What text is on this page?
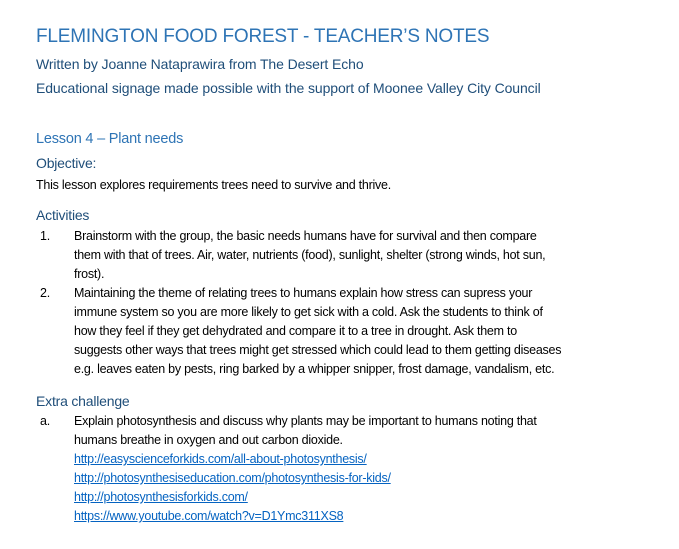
FLEMINGTON FOOD FOREST - TEACHER’S NOTES
Written by Joanne Nataprawira from The Desert Echo
Educational signage made possible with the support of Moonee Valley City Council
Lesson 4 – Plant needs
Objective:
This lesson explores requirements trees need to survive and thrive.
Activities
1. Brainstorm with the group, the basic needs humans have for survival and then compare
them with that of trees. Air, water, nutrients (food), sunlight, shelter (strong winds, hot sun,
frost).
2. Maintaining the theme of relating trees to humans explain how stress can supress your
immune system so you are more likely to get sick with a cold. Ask the students to think of
how they feel if they get dehydrated and compare it to a tree in drought. Ask them to
suggests other ways that trees might get stressed which could lead to them getting diseases
e.g. leaves eaten by pests, ring barked by a whipper snipper, frost damage, vandalism, etc.
Extra challenge
a. Explain photosynthesis and discuss why plants may be important to humans noting that
humans breathe in oxygen and out carbon dioxide.
http://easyscienceforkids.com/all-about-photosynthesis/
http://photosynthesiseducation.com/photosynthesis-for-kids/
http://photosynthesisforkids.com/
https://www.youtube.com/watch?v=D1Ymc311XS8
